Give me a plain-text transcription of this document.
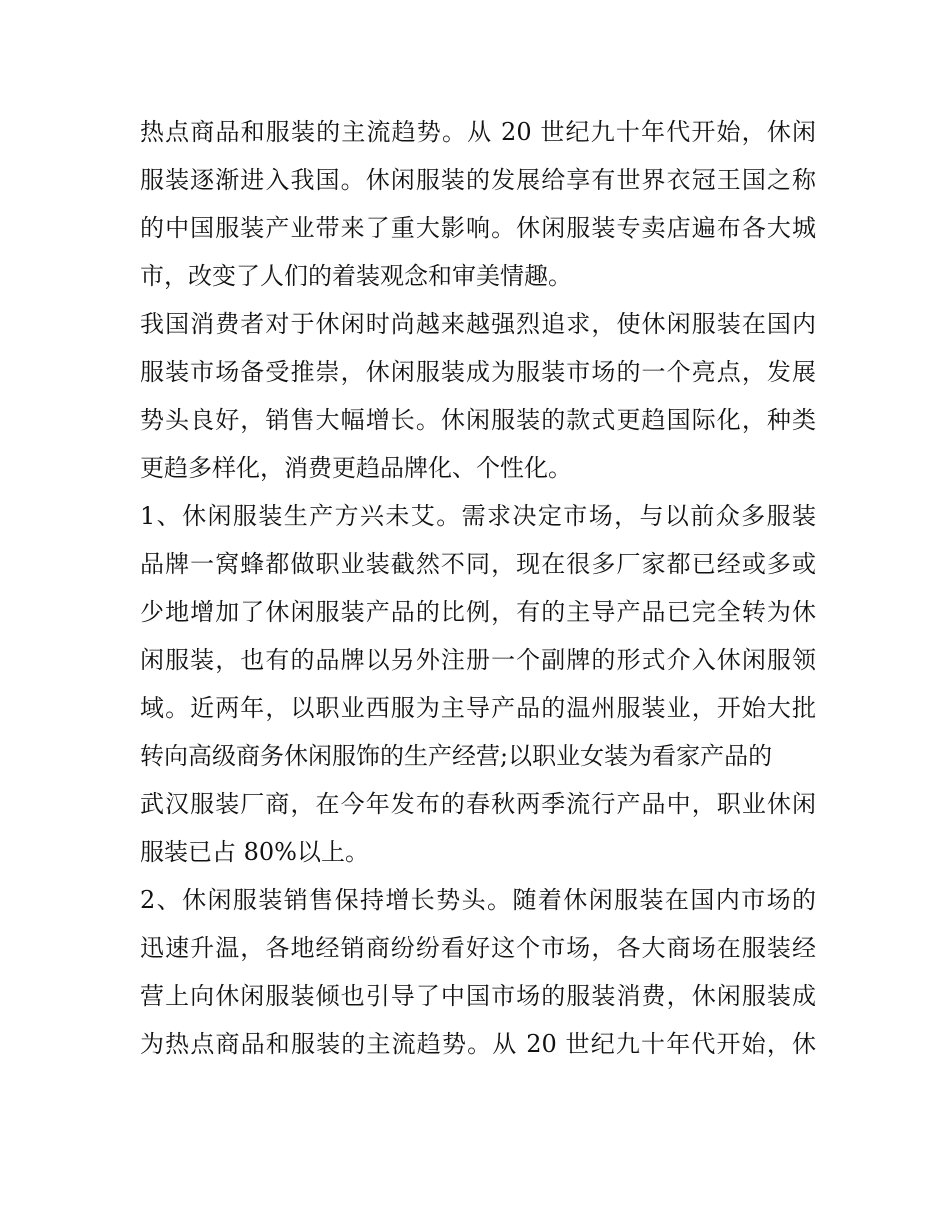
热点商品和服装的主流趋势。从 20 世纪九十年代开始，休闲
服装逐渐进入我国。休闲服装的发展给享有世界衣冠王国之称
的中国服装产业带来了重大影响。休闲服装专卖店遍布各大城
市，改变了人们的着装观念和审美情趣。
我国消费者对于休闲时尚越来越强烈追求，使休闲服装在国内
服装市场备受推崇，休闲服装成为服装市场的一个亮点，发展
势头良好，销售大幅增长。休闲服装的款式更趋国际化，种类
更趋多样化，消费更趋品牌化、个性化。
1、休闲服装生产方兴未艾。需求决定市场，与以前众多服装
品牌一窝蜂都做职业装截然不同，现在很多厂家都已经或多或
少地增加了休闲服装产品的比例，有的主导产品已完全转为休
闲服装，也有的品牌以另外注册一个副牌的形式介入休闲服领
域。近两年，以职业西服为主导产品的温州服装业，开始大批
转向高级商务休闲服饰的生产经营;以职业女装为看家产品的
武汉服装厂商，在今年发布的春秋两季流行产品中，职业休闲
服装已占 80%以上。
2、休闲服装销售保持增长势头。随着休闲服装在国内市场的
迅速升温，各地经销商纷纷看好这个市场，各大商场在服装经
营上向休闲服装倾也引导了中国市场的服装消费，休闲服装成
为热点商品和服装的主流趋势。从 20 世纪九十年代开始，休
